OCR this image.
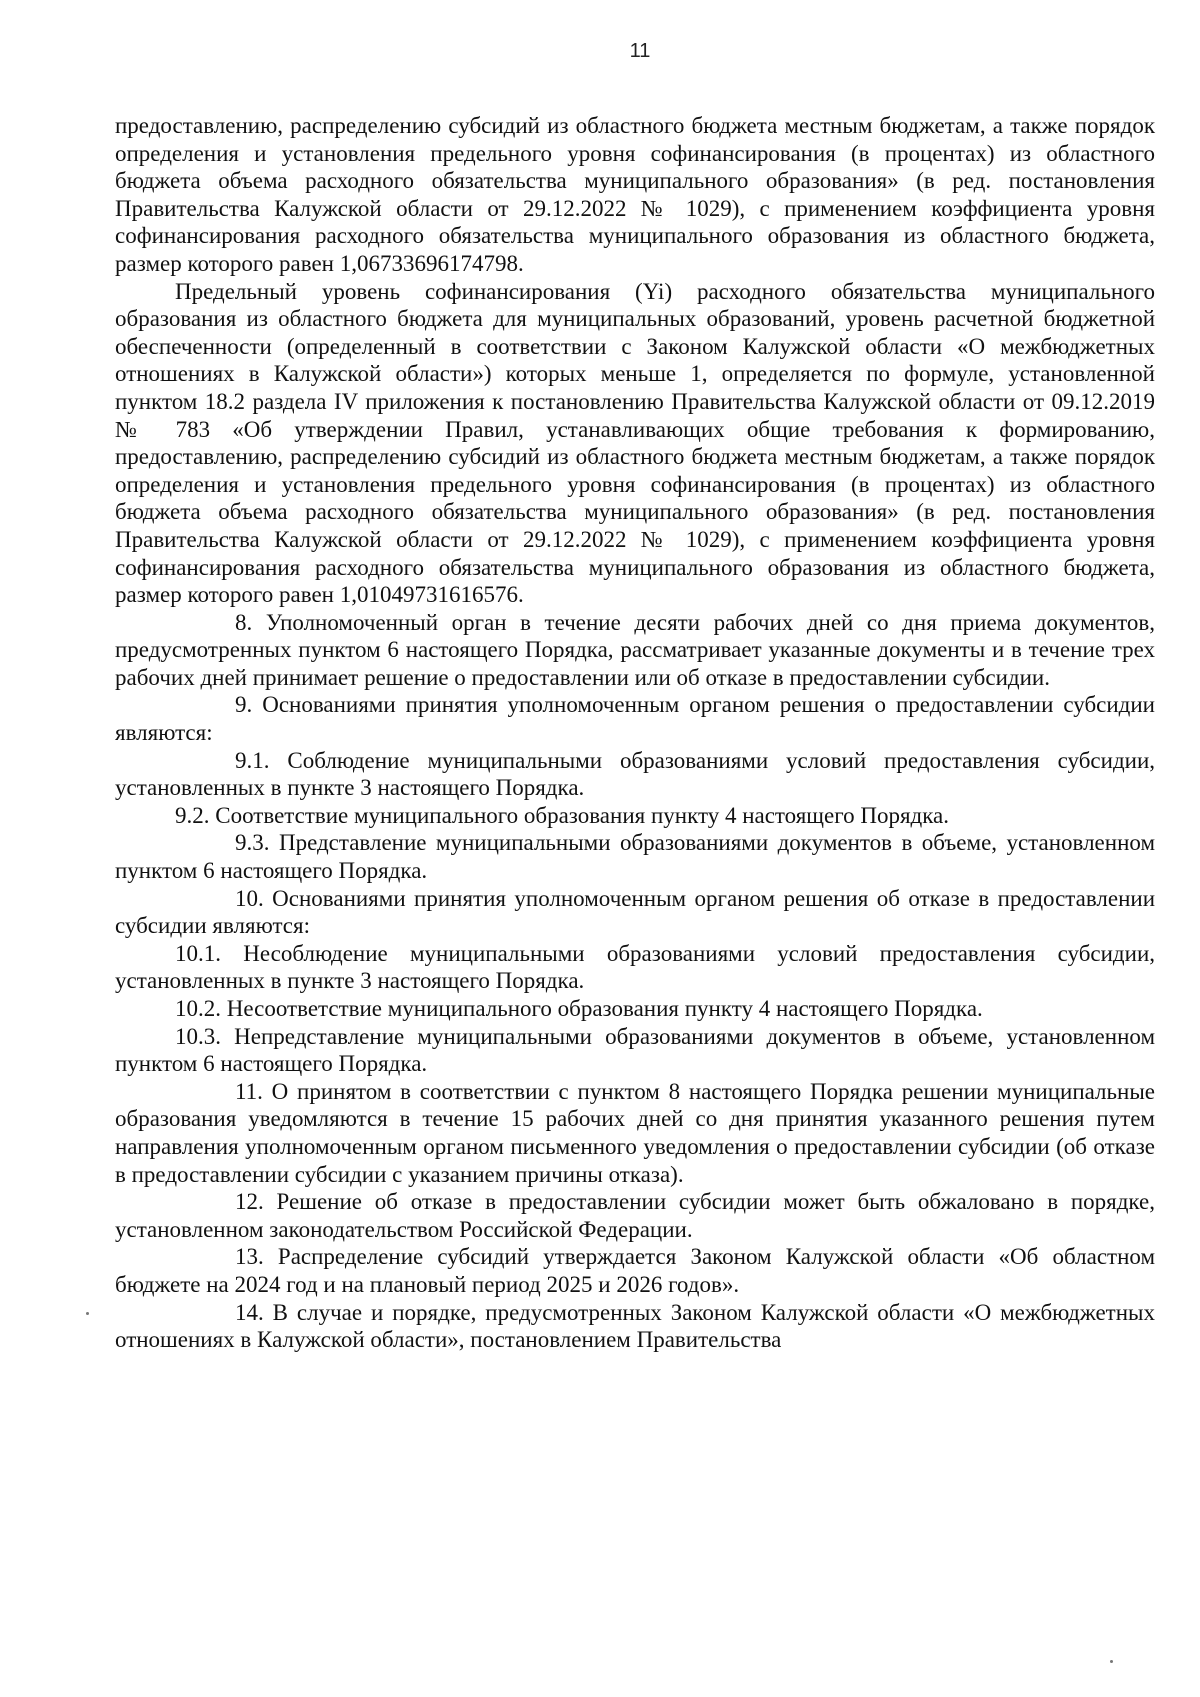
11

предоставлению, распределению субсидий из областного бюджета местным бюджетам, а также порядок определения и установления предельного уровня софинансирования (в процентах) из областного бюджета объема расходного обязательства муниципального образования» (в ред. постановления Правительства Калужской области от 29.12.2022 № 1029), с применением коэффициента уровня софинансирования расходного обязательства муниципального образования из областного бюджета, размер которого равен 1,06733696174798.

Предельный уровень софинансирования (Yi) расходного обязательства муниципального образования из областного бюджета для муниципальных образований, уровень расчетной бюджетной обеспеченности (определенный в соответствии с Законом Калужской области «О межбюджетных отношениях в Калужской области») которых меньше 1, определяется по формуле, установленной пунктом 18.2 раздела IV приложения к постановлению Правительства Калужской области от 09.12.2019 № 783 «Об утверждении Правил, устанавливающих общие требования к формированию, предоставлению, распределению субсидий из областного бюджета местным бюджетам, а также порядок определения и установления предельного уровня софинансирования (в процентах) из областного бюджета объема расходного обязательства муниципального образования» (в ред. постановления Правительства Калужской области от 29.12.2022 № 1029), с применением коэффициента уровня софинансирования расходного обязательства муниципального образования из областного бюджета, размер которого равен 1,01049731616576.

8. Уполномоченный орган в течение десяти рабочих дней со дня приема документов, предусмотренных пунктом 6 настоящего Порядка, рассматривает указанные документы и в течение трех рабочих дней принимает решение о предоставлении или об отказе в предоставлении субсидии.

9. Основаниями принятия уполномоченным органом решения о предоставлении субсидии являются:

9.1. Соблюдение муниципальными образованиями условий предоставления субсидии, установленных в пункте 3 настоящего Порядка.

9.2. Соответствие муниципального образования пункту 4 настоящего Порядка.

9.3. Представление муниципальными образованиями документов в объеме, установленном пунктом 6 настоящего Порядка.

10. Основаниями принятия уполномоченным органом решения об отказе в предоставлении субсидии являются:

10.1. Несоблюдение муниципальными образованиями условий предоставления субсидии, установленных в пункте 3 настоящего Порядка.

10.2. Несоответствие муниципального образования пункту 4 настоящего Порядка.

10.3. Непредставление муниципальными образованиями документов в объеме, установленном пунктом 6 настоящего Порядка.

11. О принятом в соответствии с пунктом 8 настоящего Порядка решении муниципальные образования уведомляются в течение 15 рабочих дней со дня принятия указанного решения путем направления уполномоченным органом письменного уведомления о предоставлении субсидии (об отказе в предоставлении субсидии с указанием причины отказа).

12. Решение об отказе в предоставлении субсидии может быть обжаловано в порядке, установленном законодательством Российской Федерации.

13. Распределение субсидий утверждается Законом Калужской области «Об областном бюджете на 2024 год и на плановый период 2025 и 2026 годов».

14. В случае и порядке, предусмотренных Законом Калужской области «О межбюджетных отношениях в Калужской области», постановлением Правительства
